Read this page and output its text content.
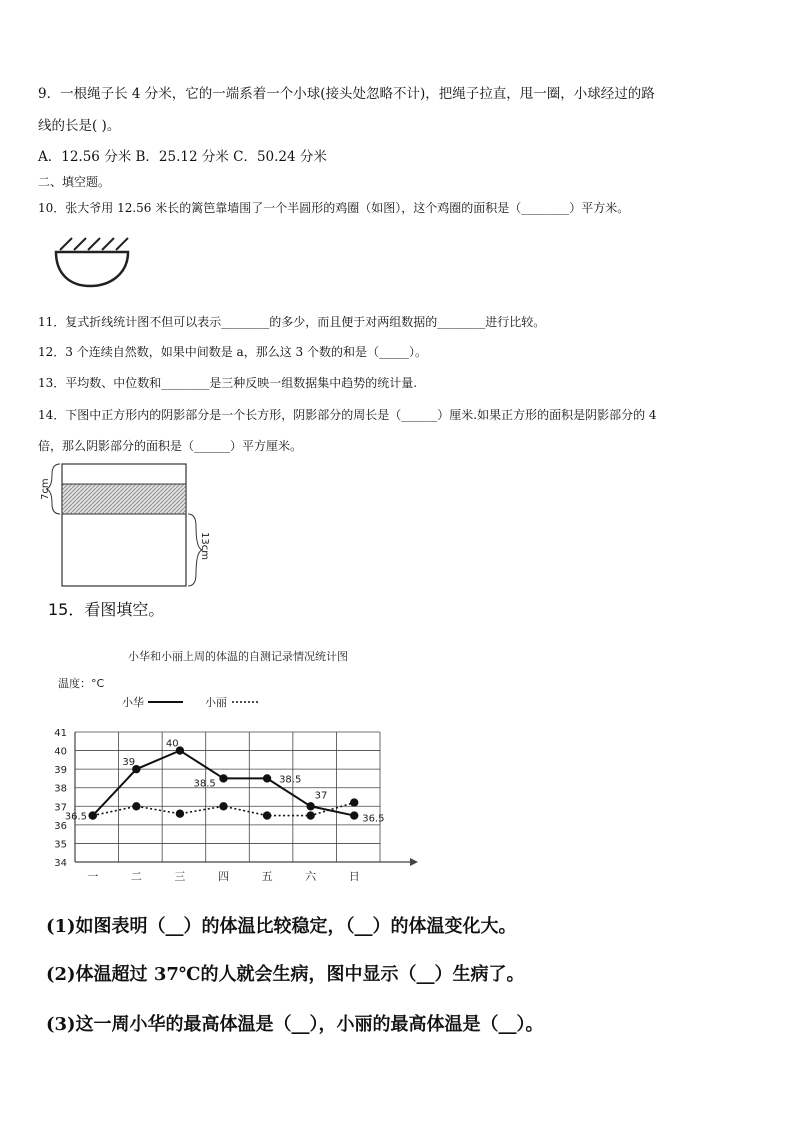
9．一根绳子长 4 分米，它的一端系着一个小球(接头处忽略不计)，把绳子拉直，甩一圈，小球经过的路
线的长是( )。
A．12.56 分米 B．25.12 分米 C．50.24 分米
二、填空题。
10．张大爷用 12.56 米长的篱笆靠墙围了一个半圆形的鸡圈（如图），这个鸡圈的面积是（________）平方米。
11．复式折线统计图不但可以表示________的多少，而且便于对两组数据的________进行比较。
12．3 个连续自然数，如果中间数是 a，那么这 3 个数的和是（_____）。
13．平均数、中位数和________是三种反映一组数据集中趋势的统计量.
14．下图中正方形内的阴影部分是一个长方形，阴影部分的周长是（______）厘米.如果正方形的面积是阴影部分的 4
倍，那么阴影部分的面积是（______）平方厘米。
7cm
13cm
15．看图填空。
小华和小丽上周的体温的自测记录情况统计图
温度：°C
小华	小丽
34
35
36
37
38
39
40
41
一	二	三	四	五	六	日
36.5
39
40
38.5	38.5
37
36.5
(1)如图表明（__）的体温比较稳定，（__）的体温变化大。
(2)体温超过 37℃的人就会生病，图中显示（__）生病了。
(3)这一周小华的最高体温是（__），小丽的最高体温是（__）。
